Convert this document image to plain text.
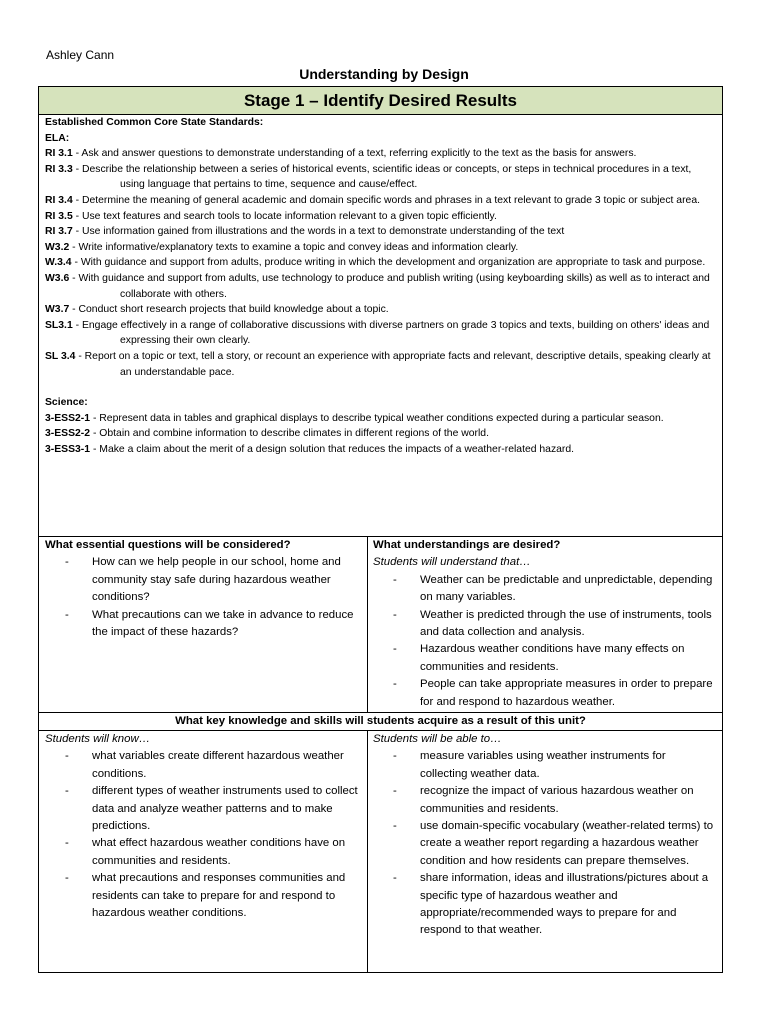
Ashley Cann
Understanding by Design
Stage 1 – Identify Desired Results
Established Common Core State Standards:
ELA:

RI 3.1 - Ask and answer questions to demonstrate understanding of a text, referring explicitly to the text as the basis for answers.

RI 3.3 - Describe the relationship between a series of historical events, scientific ideas or concepts, or steps in technical procedures in a text, using language that pertains to time, sequence and cause/effect.

RI 3.4 - Determine the meaning of general academic and domain specific words and phrases in a text relevant to grade 3 topic or subject area.

RI 3.5 - Use text features and search tools to locate information relevant to a given topic efficiently.

RI 3.7 - Use information gained from illustrations and the words in a text to demonstrate understanding of the text

W3.2 - Write informative/explanatory texts to examine a topic and convey ideas and information clearly.

W.3.4 - With guidance and support from adults, produce writing in which the development and organization are appropriate to task and purpose.

W3.6 - With guidance and support from adults, use technology to produce and publish writing (using keyboarding skills) as well as to interact and collaborate with others.

W3.7 - Conduct short research projects that build knowledge about a topic.

SL3.1 - Engage effectively in a range of collaborative discussions with diverse partners on grade 3 topics and texts, building on others' ideas and expressing their own clearly.

SL 3.4 - Report on a topic or text, tell a story, or recount an experience with appropriate facts and relevant, descriptive details, speaking clearly at an understandable pace.

Science:

3-ESS2-1 - Represent data in tables and graphical displays to describe typical weather conditions expected during a particular season.

3-ESS2-2 - Obtain and combine information to describe climates in different regions of the world.

3-ESS3-1 - Make a claim about the merit of a design solution that reduces the impacts of a weather-related hazard.

What essential questions will be considered?
- How can we help people in our school, home and community stay safe during hazardous weather conditions?
- What precautions can we take in advance to reduce the impact of these hazards?
What understandings are desired?
Students will understand that…
- Weather can be predictable and unpredictable, depending on many variables.
- Weather is predicted through the use of instruments, tools and data collection and analysis.
- Hazardous weather conditions have many effects on communities and residents.
- People can take appropriate measures in order to prepare for and respond to hazardous weather.
What key knowledge and skills will students acquire as a result of this unit?
Students will know…
- what variables create different hazardous weather conditions.
- different types of weather instruments used to collect data and analyze weather patterns and to make predictions.
- what effect hazardous weather conditions have on communities and residents.
- what precautions and responses communities and residents can take to prepare for and respond to hazardous weather conditions.
Students will be able to…
- measure variables using weather instruments for collecting weather data.
- recognize the impact of various hazardous weather on communities and residents.
- use domain-specific vocabulary (weather-related terms) to create a weather report regarding a hazardous weather condition and how residents can prepare themselves.
- share information, ideas and illustrations/pictures about a specific type of hazardous weather and appropriate/recommended ways to prepare for and respond to that weather.
